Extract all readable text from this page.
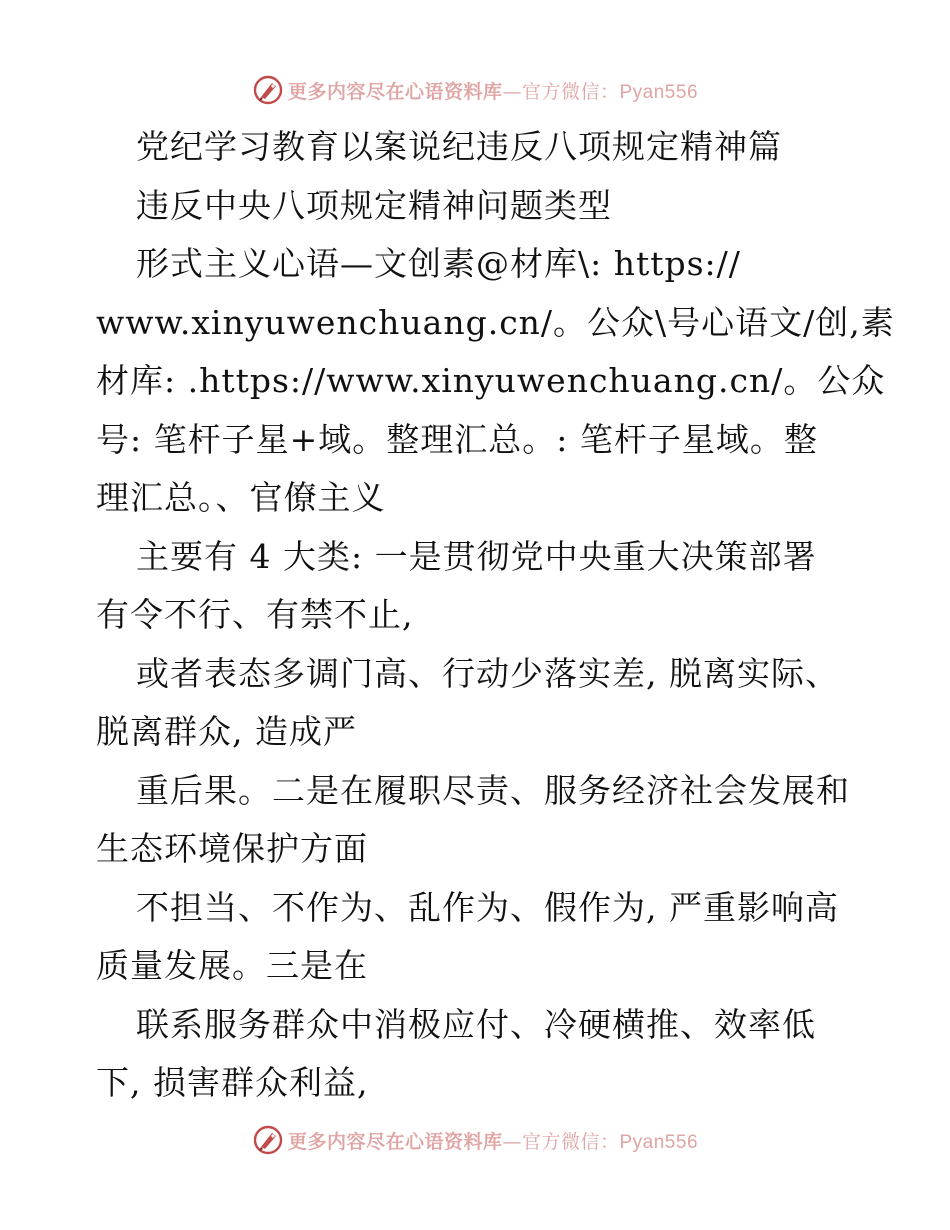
更多内容尽在心语资料库—官方微信：Pyan556
党纪学习教育以案说纪违反八项规定精神篇
违反中央八项规定精神问题类型
形式主义心语—文创素@材库\: https://
www.xinyuwenchuang.cn/。公众\号心语文/创,素
材库: .https://www.xinyuwenchuang.cn/。公众
号: 笔杆子星+域。整理汇总。: 笔杆子星域。整
理汇总。、官僚主义
主要有 4 大类: 一是贯彻党中央重大决策部署
有令不行、有禁不止,
或者表态多调门高、行动少落实差, 脱离实际、
脱离群众, 造成严
重后果。二是在履职尽责、服务经济社会发展和
生态环境保护方面
不担当、不作为、乱作为、假作为, 严重影响高
质量发展。三是在
联系服务群众中消极应付、冷硬横推、效率低
下, 损害群众利益,
更多内容尽在心语资料库—官方微信：Pyan556
